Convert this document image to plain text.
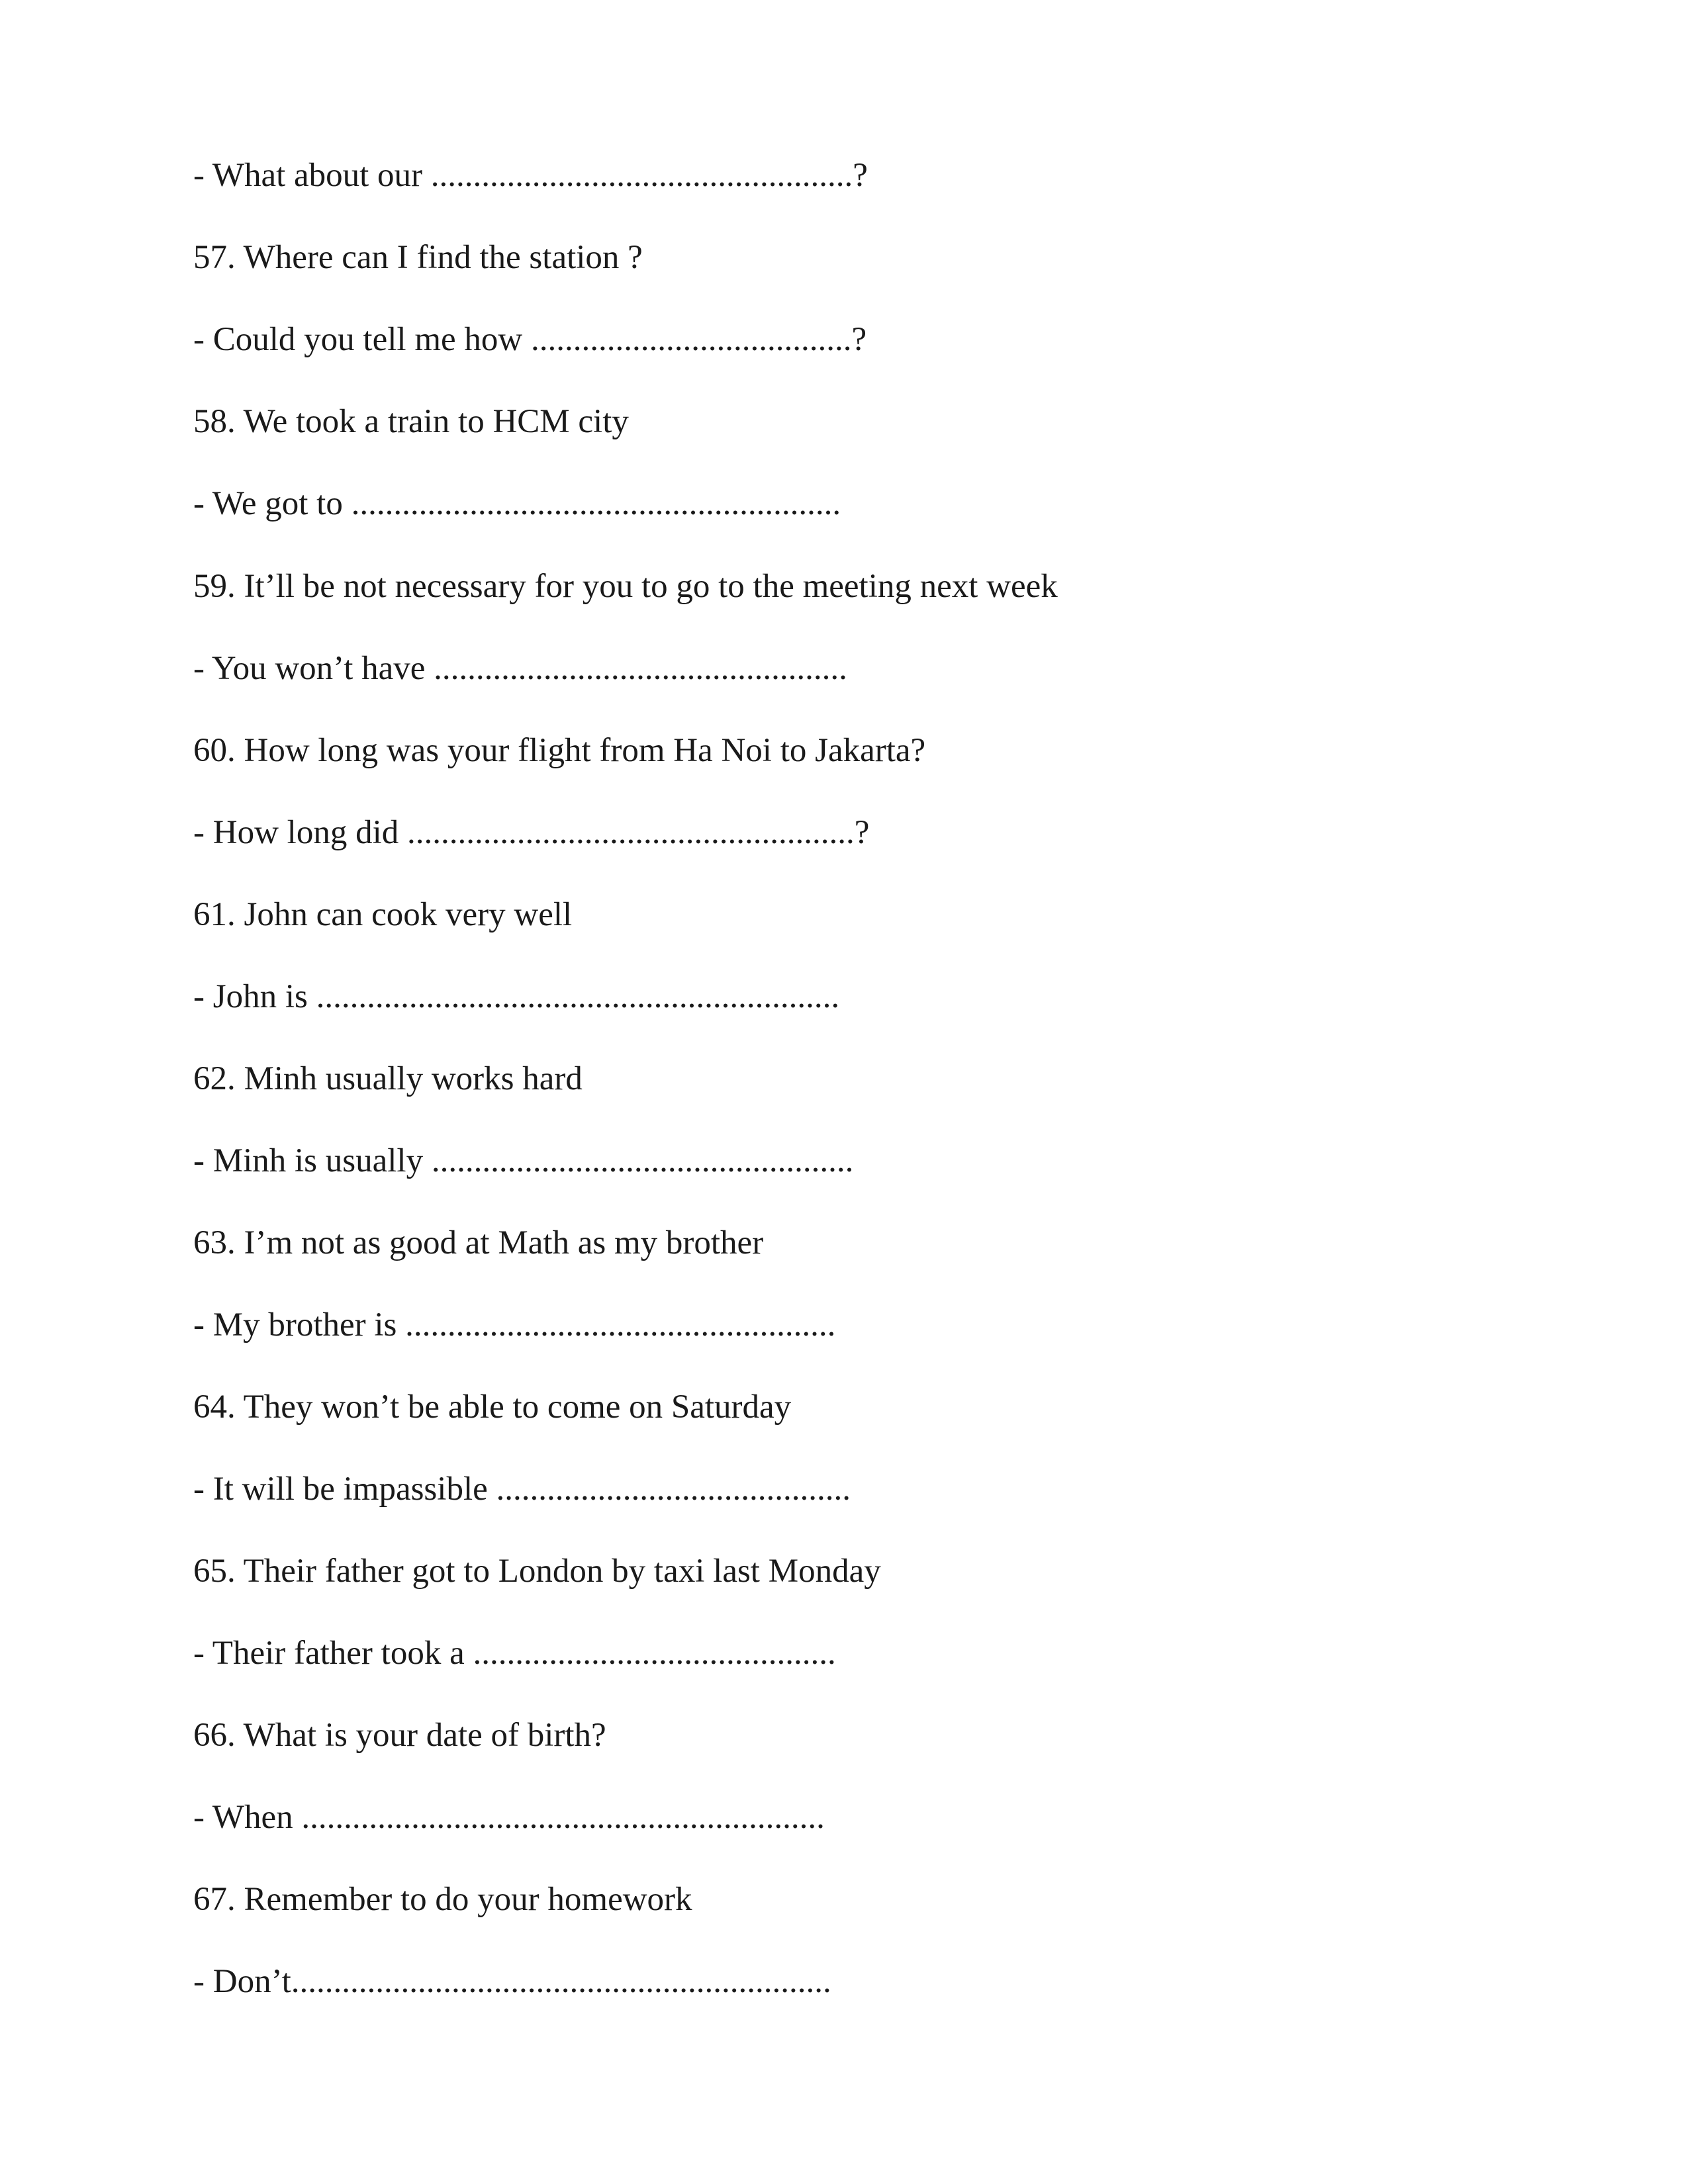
- What about our ..................................................?

57. Where can I find the station ?

- Could you tell me how ......................................?

58. We took a train to HCM city

- We got to ..........................................................

59. It’ll be not necessary for you to go to the meeting next week

- You won’t have .................................................

60. How long was your flight from Ha Noi to Jakarta?

- How long did .....................................................?

61. John can cook very well

- John is ..............................................................

62. Minh usually works hard

- Minh is usually ..................................................

63. I’m not as good at Math as my brother

- My brother is ...................................................

64. They won’t be able to come on Saturday

- It will be impassible ..........................................

65. Their father got to London by taxi last Monday

- Their father took a ...........................................

66. What is your date of birth?

- When ..............................................................

67. Remember to do your homework

- Don’t................................................................
